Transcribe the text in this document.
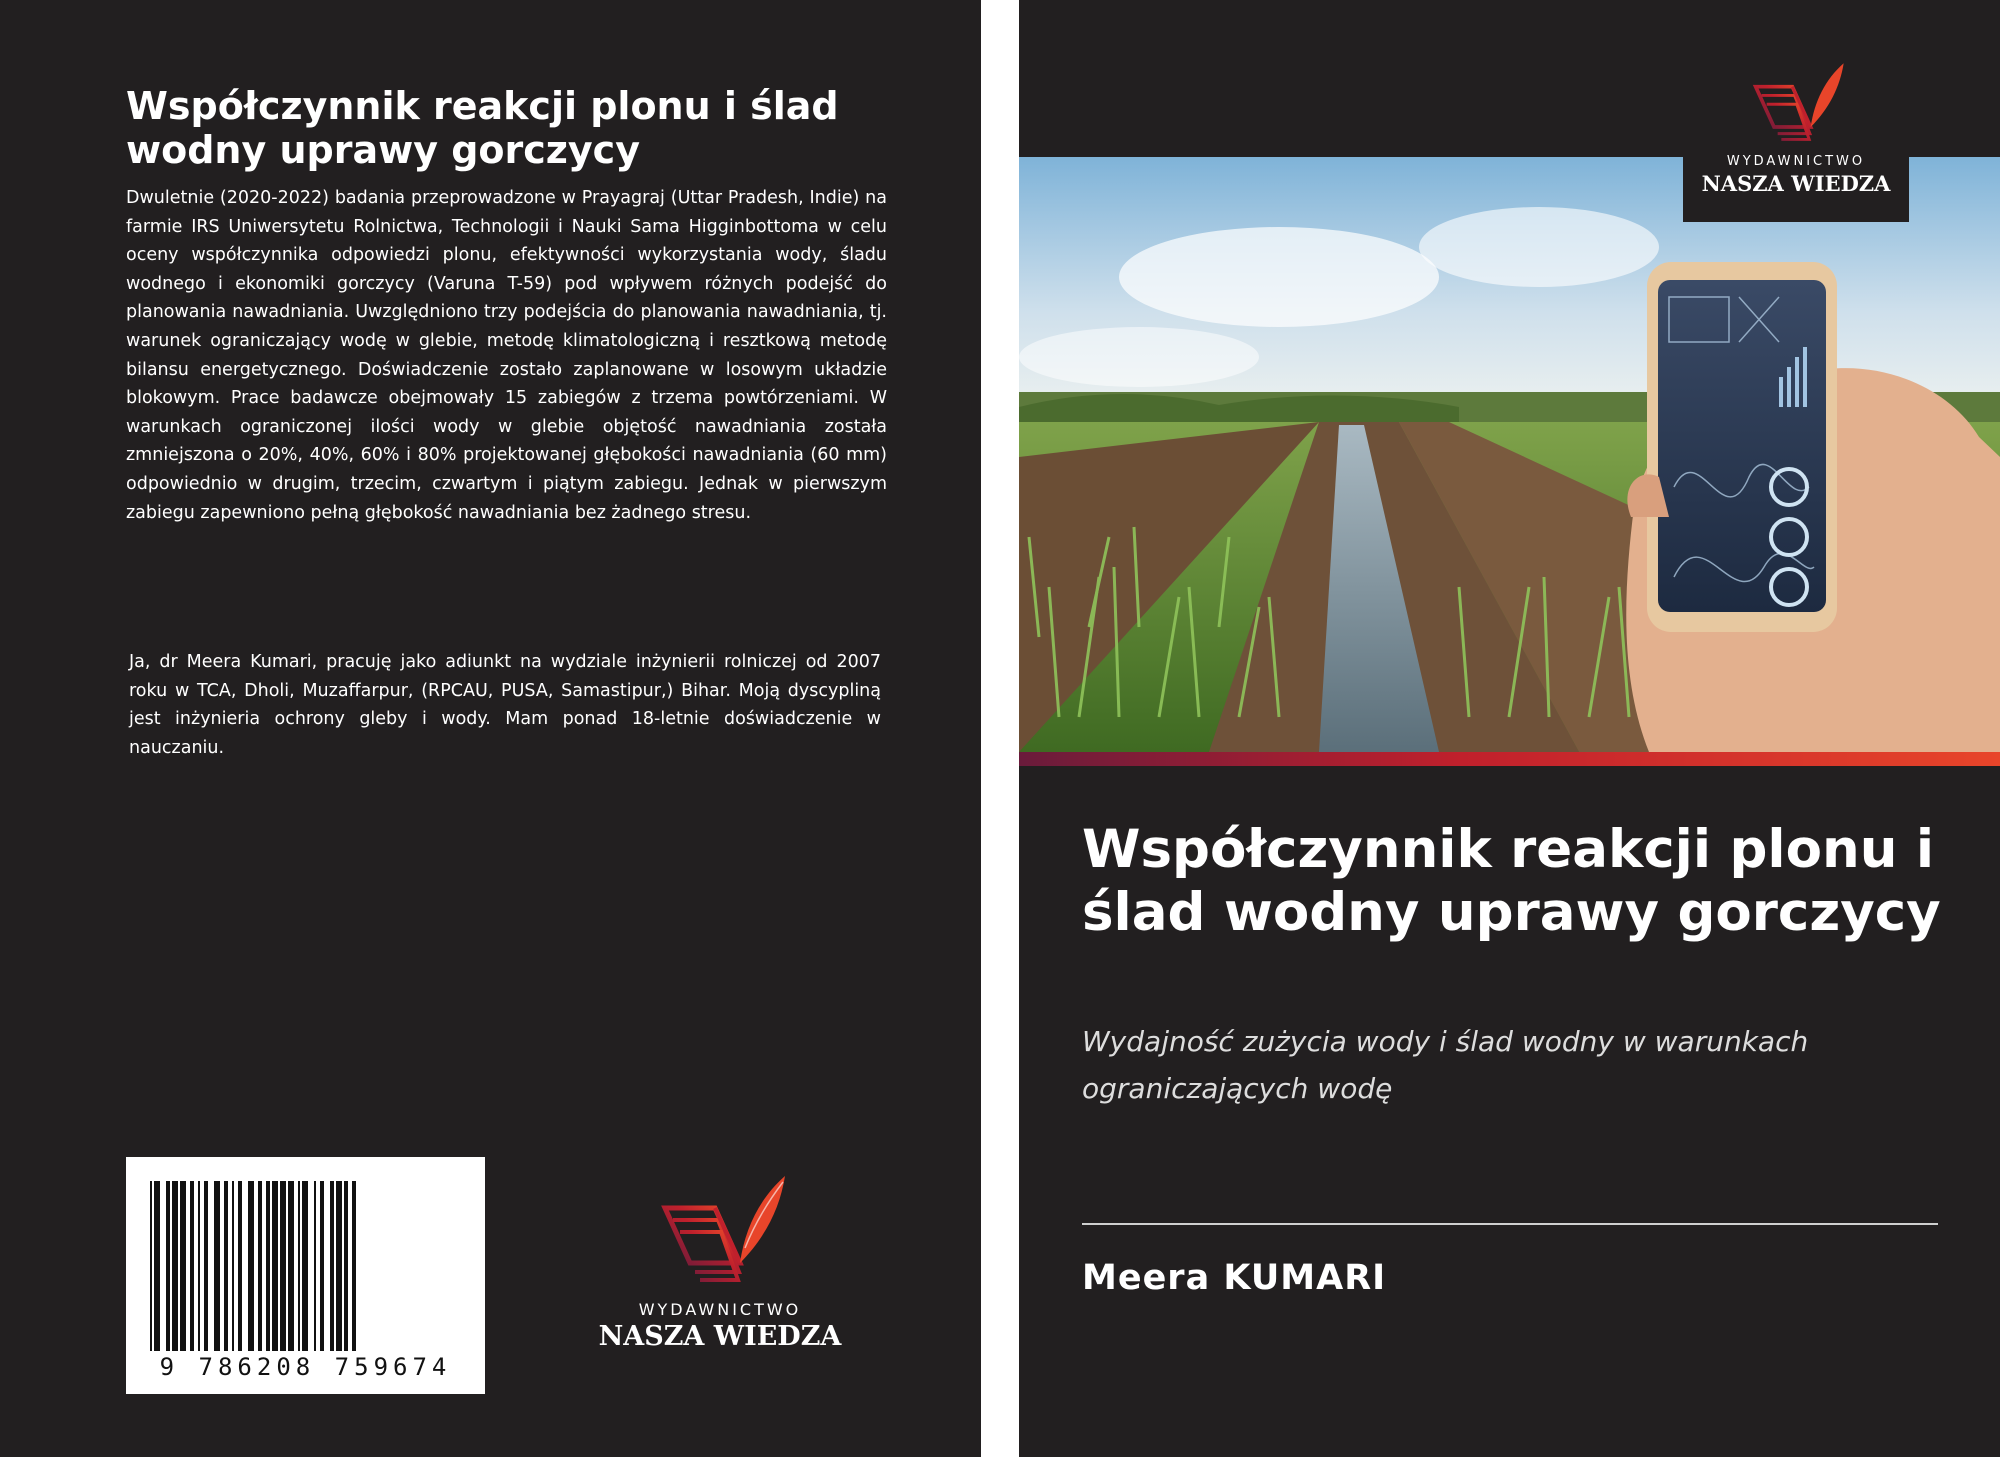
Współczynnik reakcji plonu i ślad wodny uprawy gorczycy

Dwuletnie (2020-2022) badania przeprowadzone w Prayagraj (Uttar Pradesh, Indie) na farmie IRS Uniwersytetu Rolnictwa, Technologii i Nauki Sama Higginbottoma w celu oceny współczynnika odpowiedzi plonu, efektywności wykorzystania wody, śladu wodnego i ekonomiki gorczycy (Varuna T-59) pod wpływem różnych podejść do planowania nawadniania. Uwzględniono trzy podejścia do planowania nawadniania, tj. warunek ograniczający wodę w glebie, metodę klimatologiczną i resztkową metodę bilansu energetycznego. Doświadczenie zostało zaplanowane w losowym układzie blokowym. Prace badawcze obejmowały 15 zabiegów z trzema powtórzeniami. W warunkach ograniczonej ilości wody w glebie objętość nawadniania została zmniejszona o 20%, 40%, 60% i 80% projektowanej głębokości nawadniania (60 mm) odpowiednio w drugim, trzecim, czwartym i piątym zabiegu. Jednak w pierwszym zabiegu zapewniono pełną głębokość nawadniania bez żadnego stresu.

Ja, dr Meera Kumari, pracuję jako adiunkt na wydziale inżynierii rolniczej od 2007 roku w TCA, Dholi, Muzaffarpur, (RPCAU, PUSA, Samastipur,) Bihar. Moją dyscypliną jest inżynieria ochrony gleby i wody. Mam ponad 18-letnie doświadczenie w nauczaniu.

9 786208 759674
WYDAWNICTWO
NASZA WIEDZA
WYDAWNICTWO
NASZA WIEDZA
Współczynnik reakcji plonu i ślad wodny uprawy gorczycy

Wydajność zużycia wody i ślad wodny w warunkach ograniczających wodę

Meera KUMARI
